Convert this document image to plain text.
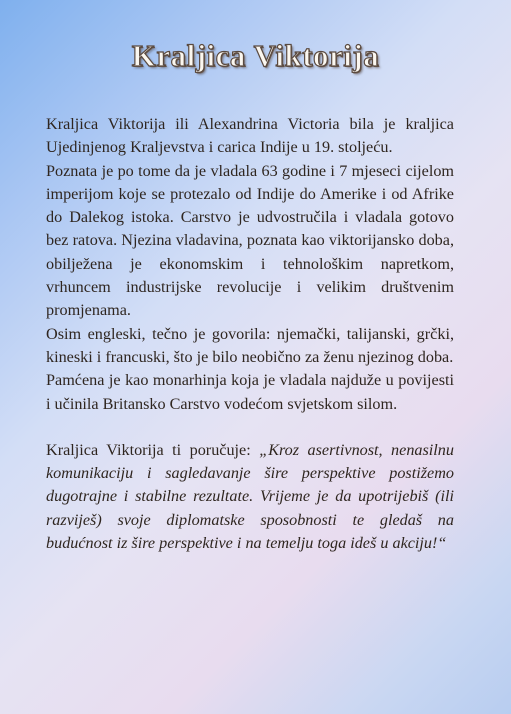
Kraljica Viktorija

Kraljica Viktorija ili Alexandrina Victoria bila je kraljica Ujedinjenog Kraljevstva i carica Indije u 19. stoljeću.

Poznata je po tome da je vladala 63 godine i 7 mjeseci cijelom imperijom koje se protezalo od Indije do Amerike i od Afrike do Dalekog istoka. Carstvo je udvostručila i vladala gotovo bez ratova. Njezina vladavina, poznata kao viktorijansko doba, obilježena je ekonomskim i tehnološkim napretkom, vrhuncem industrijske revolucije i velikim društvenim promjenama.

Osim engleski, tečno je govorila: njemački, talijanski, grčki, kineski i francuski, što je bilo neobično za ženu njezinog doba.

Pamćena je kao monarhinja koja je vladala najduže u povijesti i učinila Britansko Carstvo vodećom svjetskom silom.

Kraljica Viktorija ti poručuje: „Kroz asertivnost, nenasilnu komunikaciju i sagledavanje šire perspektive postižemo dugotrajne i stabilne rezultate. Vrijeme je da upotrijebiš (ili razviješ) svoje diplomatske sposobnosti te gledaš na budućnost iz šire perspektive i na temelju toga ideš u akciju!“
